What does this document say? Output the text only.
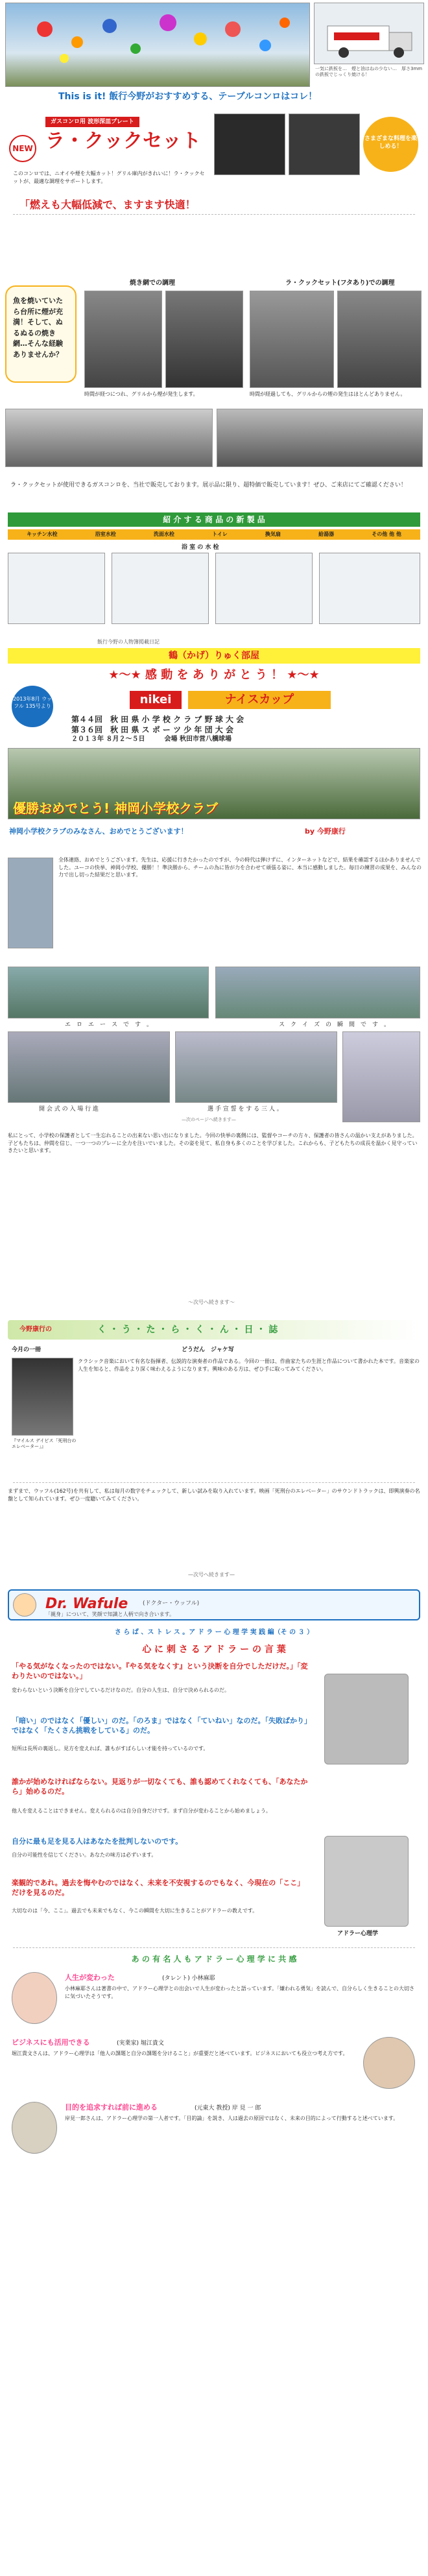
一気に鉄板を…　煙と油はねの少ない…　厚さ3mmの鉄板でじっくり焼ける！
This is it! 飯行今野がおすすめする、テーブルコンロはコレ！
NEW
ガスコンロ用 波形深皿プレート
ラ・クックセット	さまざまな料理を楽しめる！
このコンロでは、ニオイや煙を大幅カット！グリル庫内がきれいに！ラ・クックセットが、最適な調理をサポートします。
「燃えも大幅低減で、ますます快適！
魚を焼いていたら台所に煙が充満！そして、ぬるぬるの焼き網…そんな経験ありませんか？
焼き網での調理	ラ・クックセット(フタあり)での調理
時間が経つにつれ、グリルから煙が発生します。	時間が経過しても、グリルからの煙の発生はほとんどありません。
ラ・クックセットが使用できるガスコンロを、当社で販売しております。展示品に限り、超特価で販売しています！ぜひ、ご来店にてご確認ください！
紹 介 す る 商 品 の 新 製 品
キッチン水栓	浴室水栓	洗面水栓	トイレ	換気扇	給湯器	その他 他 他
浴 室 の 水 栓
飯行今野の人物簿掲載日記
鶴（かげ）りゅく部屋
★〜★ 感 動 を あ り が と う ！ ★〜★
2013年8月 ウッフル 135号より	nikei	ナイスカップ
第４４回　秋 田 県 小 学 校 ク ラ ブ 野 球 大 会
第３６回　秋 田 県 ス ポ ー ツ 少 年 団 大 会
２０１３年 ８月２〜５日　　　会場 秋田市営八橋球場
優勝おめでとう! 神岡小学校クラブ
神岡小学校クラブのみなさん、おめでとうございます！	by 今野康行
全体連絡、おめでとうございます。先生は、応援に行きたかったのですが、今の時代は弾けずに、インターネットなどで、結果を確認するほかありませんでした。ユーコの快挙、神岡小学校、優勝！！準決勝から、チームの為に皆が力を合わせて頑張る姿に、本当に感動しました。毎日の練習の成果を、みんなの力で出し切った結果だと思います。
エ　ロ　エ　ー　ス　で　す　。	ス　ク　イ　ズ　の　瞬　間　で　す　。
開 会 式 の 入 場 行 進	選 手 宣 誓 を す る 三 人 。
—次のページへ続きます—
私にとって、小学校の保護者として一生忘れることの出来ない思い出になりました。今回の快挙の裏側には、監督やコーチの方々、保護者の皆さんの温かい支えがありました。子どもたちは、仲間を信じ、一つ一つのプレーに全力を注いでいました。その姿を見て、私自身も多くのことを学びました。これからも、子どもたちの成長を温かく見守っていきたいと思います。
〜次号へ続きます〜
今野康行の	く ・ う ・ た ・ ら ・ く ・ ん ・ 日 ・ 誌
今月の一冊	どうだん　ジャケ写
『マイルス デイビス「死刑台のエレベーター」』
クラシック音楽において有名な指揮者、伝説的な演奏者の作品である。今回の一冊は、作曲家たちの生涯と作品について書かれた本です。音楽家の人生を知ると、作品をより深く味わえるようになります。興味のある方は、ぜひ手に取ってみてください。
まずまで、ウッフル(162号)を共有して、私は毎月の数字をチェックして、新しい試みを取り入れています。映画「死刑台のエレベーター」のサウンドトラックは、即興演奏の名盤として知られています。ぜひ一度聴いてみてください。
—次号へ続きます—
Dr. Wafule	(ドクター・ウッフル)
「親身」について、笑顔で知識と人柄で向き合います。
さ ら ば 、ス ト レ ス 。ア ド ラ ー 心 理 学 実 践 編（そ の ３ ）
心 に 刺 さ る ア ド ラ ー の 言 葉
「やる気がなくなったのではない。『やる気をなくす』という決断を自分でしただけだ。」「変わりたいのではない。」
変わらないという決断を自分でしているだけなのだ。自分の人生は、自分で決められるのだ。
「暗い」のではなく「優しい」のだ。「のろま」ではなく「ていねい」なのだ。「失敗ばかり」ではなく「たくさん挑戦をしている」のだ。
短所は長所の裏返し。見方を変えれば、誰もがすばらしい才能を持っているのです。
誰かが始めなければならない。見返りが一切なくても、誰も認めてくれなくても、「あなたから」始めるのだ。
他人を変えることはできません。変えられるのは自分自身だけです。まず自分が変わることから始めましょう。
自分に最も足を見る人はあなたを批判しないのです。
自分の可能性を信じてください。あなたの味方は必ずいます。
楽観的であれ。過去を悔やむのではなく、未来を不安視するのでもなく、今現在の「ここ」だけを見るのだ。
大切なのは「今、ここ」。過去でも未来でもなく、今この瞬間を大切に生きることがアドラーの教えです。
アドラー心理学
あ の 有 名 人 も ア ド ラ ー 心 理 学 に 共 感
人生が変わった	(タレント) 小林麻耶
小林麻耶さんは著書の中で、アドラー心理学との出会いで人生が変わったと語っています。「嫌われる勇気」を読んで、自分らしく生きることの大切さに気づいたそうです。
ビジネスにも活用できる	(実業家) 堀江貴文
堀江貴文さんは、アドラー心理学は「他人の課題と自分の課題を分けること」が重要だと述べています。ビジネスにおいても役立つ考え方です。
目的を追求すれば前に進める	(元東大 教授) 岸 見 一 郎
岸見一郎さんは、アドラー心理学の第一人者です。「目的論」を説き、人は過去の原因ではなく、未来の目的によって行動すると述べています。
